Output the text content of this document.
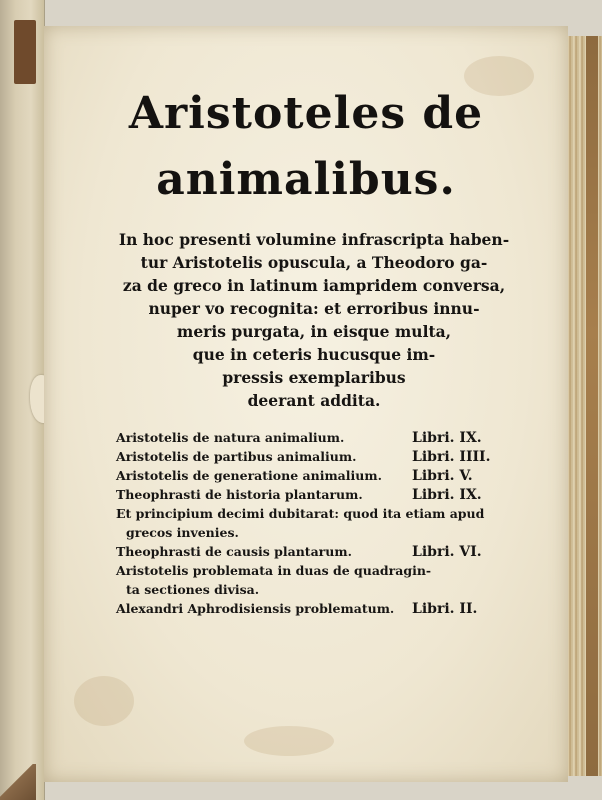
Aristoteles de
animalibus.
In hoc presenti volumine infrascripta haben-
tur Aristotelis opuscula, a Theodoro ga-
za de greco in latinum iampridem conversa,
nuper vo recognita: et erroribus innu-
meris purgata, in eisque multa,
que in ceteris hucusque im-
pressis exemplaribus
deerant addita.
Aristotelis de natura animalium.	Libri. IX.
Aristotelis de partibus animalium.	Libri. IIII.
Aristotelis de generatione animalium. Libri. V.
Theophrasti de historia plantarum.	Libri. IX.
Et principium decimi dubitarat: quod ita etiam apud
grecos invenies.
Theophrasti de causis plantarum.	Libri. VI.
Aristotelis problemata in duas de quadragin-
ta sectiones divisa.
Alexandri Aphrodisiensis problematum. Libri. II.
